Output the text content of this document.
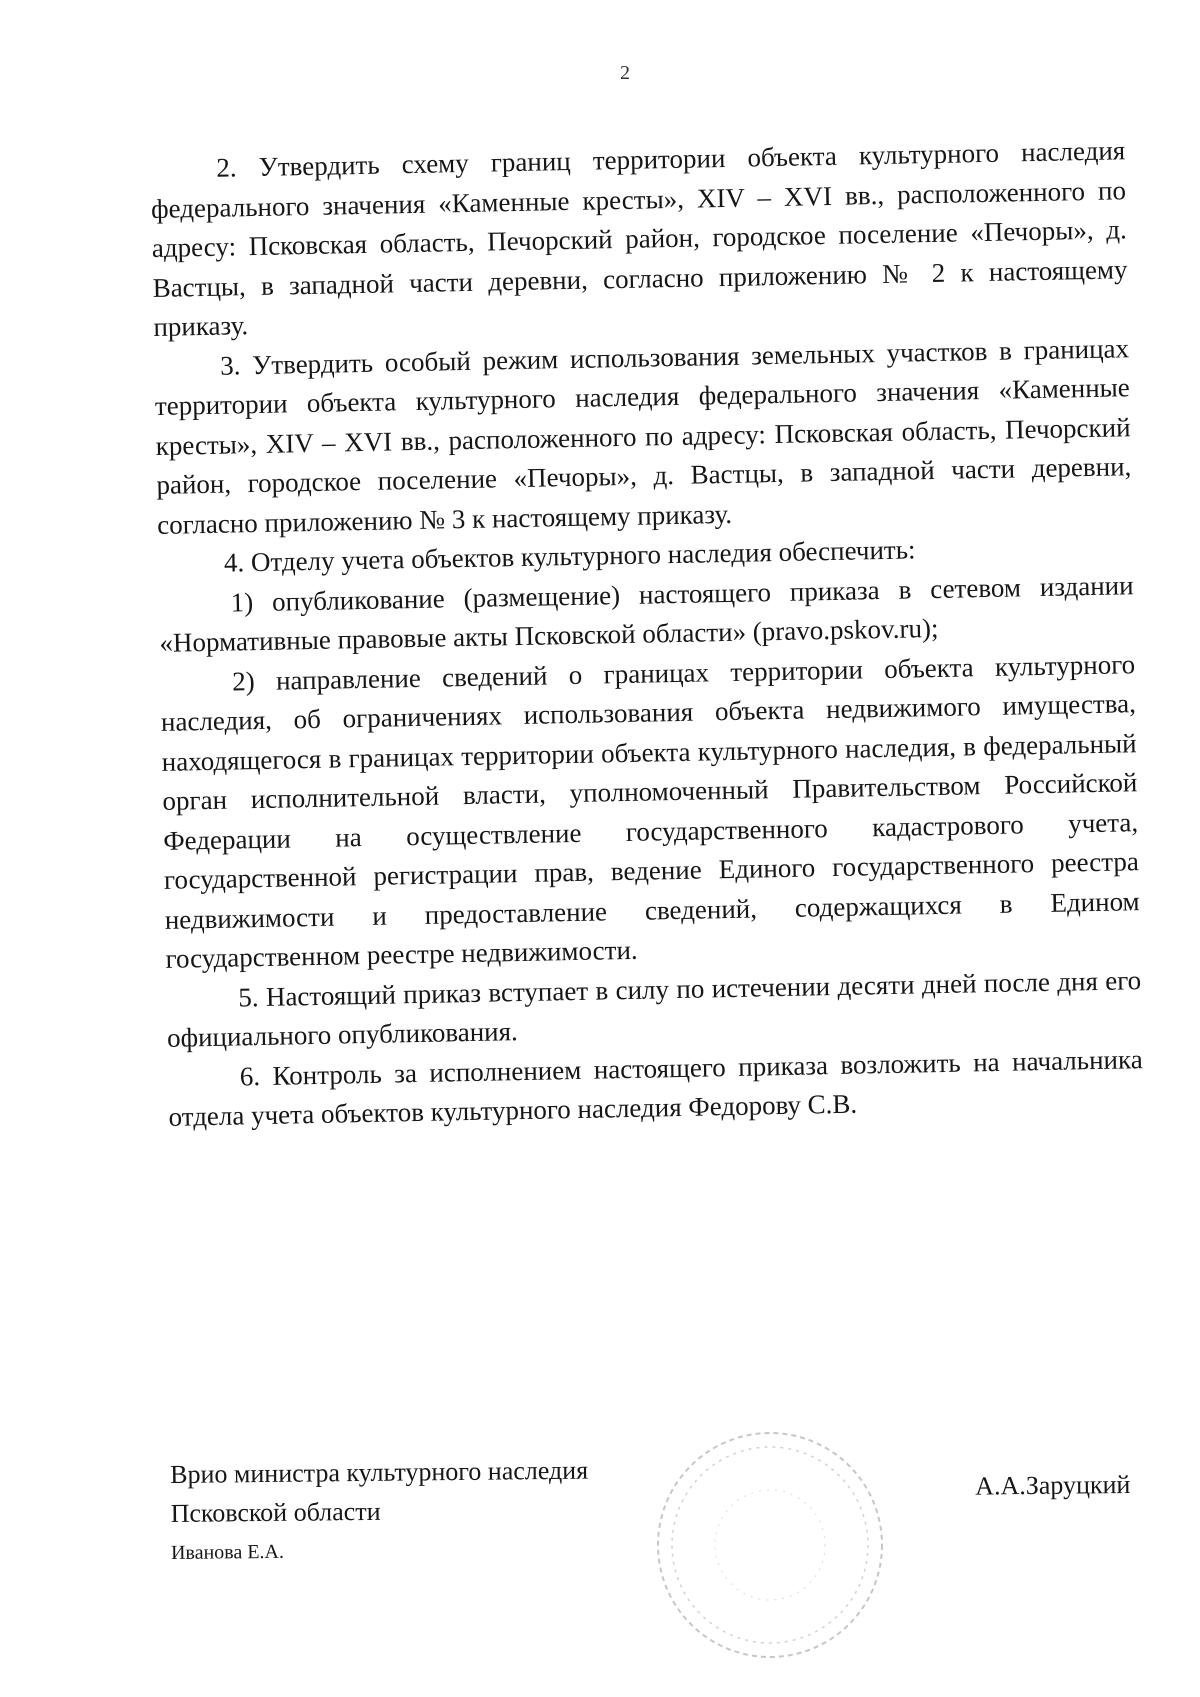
2

2. Утвердить схему границ территории объекта культурного наследия федерального значения «Каменные кресты», XIV – XVI вв., расположенного по адресу: Псковская область, Печорский район, городское поселение «Печоры», д. Вастцы, в западной части деревни, согласно приложению № 2 к настоящему приказу.

3. Утвердить особый режим использования земельных участков в границах территории объекта культурного наследия федерального значения «Каменные кресты», XIV – XVI вв., расположенного по адресу: Псковская область, Печорский район, городское поселение «Печоры», д. Вастцы, в западной части деревни, согласно приложению № 3 к настоящему приказу.

4. Отделу учета объектов культурного наследия обеспечить:

1) опубликование (размещение) настоящего приказа в сетевом издании «Нормативные правовые акты Псковской области» (pravo.pskov.ru);

2) направление сведений о границах территории объекта культурного наследия, об ограничениях использования объекта недвижимого имущества, находящегося в границах территории объекта культурного наследия, в федеральный орган исполнительной власти, уполномоченный Правительством Российской Федерации на осуществление государственного кадастрового учета, государственной регистрации прав, ведение Единого государственного реестра недвижимости и предоставление сведений, содержащихся в Едином государственном реестре недвижимости.

5. Настоящий приказ вступает в силу по истечении десяти дней после дня его официального опубликования.

6. Контроль за исполнением настоящего приказа возложить на начальника отдела учета объектов культурного наследия Федорову С.В.

Врио министра культурного наследия

Псковской области

А.А.Заруцкий

Иванова Е.А.
